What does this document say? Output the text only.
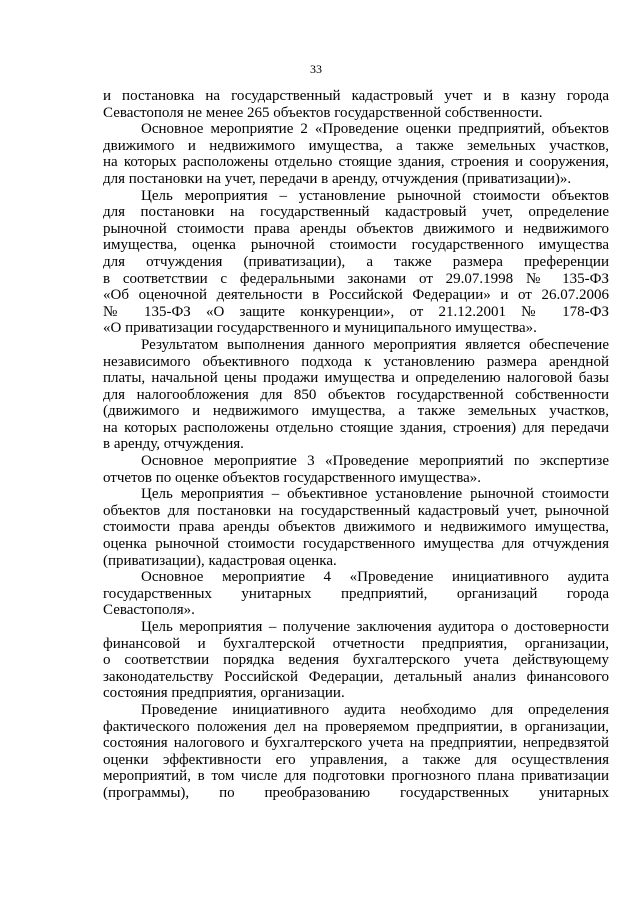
33
и постановка на государственный кадастровый учет и в казну города
Севастополя не менее 265 объектов государственной собственности.
Основное мероприятие 2 «Проведение оценки предприятий, объектов
движимого и недвижимого имущества, а также земельных участков,
на которых расположены отдельно стоящие здания, строения и сооружения,
для постановки на учет, передачи в аренду, отчуждения (приватизации)».
Цель мероприятия – установление рыночной стоимости объектов
для постановки на государственный кадастровый учет, определение
рыночной стоимости права аренды объектов движимого и недвижимого
имущества, оценка рыночной стоимости государственного имущества
для отчуждения (приватизации), а также размера преференции
в соответствии с федеральными законами от 29.07.1998 № 135-ФЗ
«Об оценочной деятельности в Российской Федерации» и от 26.07.2006
№ 135-ФЗ «О защите конкуренции», от 21.12.2001 № 178-ФЗ
«О приватизации государственного и муниципального имущества».
Результатом выполнения данного мероприятия является обеспечение
независимого объективного подхода к установлению размера арендной
платы, начальной цены продажи имущества и определению налоговой базы
для налогообложения для 850 объектов государственной собственности
(движимого и недвижимого имущества, а также земельных участков,
на которых расположены отдельно стоящие здания, строения) для передачи
в аренду, отчуждения.
Основное мероприятие 3 «Проведение мероприятий по экспертизе
отчетов по оценке объектов государственного имущества».
Цель мероприятия – объективное установление рыночной стоимости
объектов для постановки на государственный кадастровый учет, рыночной
стоимости права аренды объектов движимого и недвижимого имущества,
оценка рыночной стоимости государственного имущества для отчуждения
(приватизации), кадастровая оценка.
Основное мероприятие 4 «Проведение инициативного аудита
государственных унитарных предприятий, организаций города
Севастополя».
Цель мероприятия – получение заключения аудитора о достоверности
финансовой и бухгалтерской отчетности предприятия, организации,
о соответствии порядка ведения бухгалтерского учета действующему
законодательству Российской Федерации, детальный анализ финансового
состояния предприятия, организации.
Проведение инициативного аудита необходимо для определения
фактического положения дел на проверяемом предприятии, в организации,
состояния налогового и бухгалтерского учета на предприятии, непредвзятой
оценки эффективности его управления, а также для осуществления
мероприятий, в том числе для подготовки прогнозного плана приватизации
(программы), по преобразованию государственных унитарных
